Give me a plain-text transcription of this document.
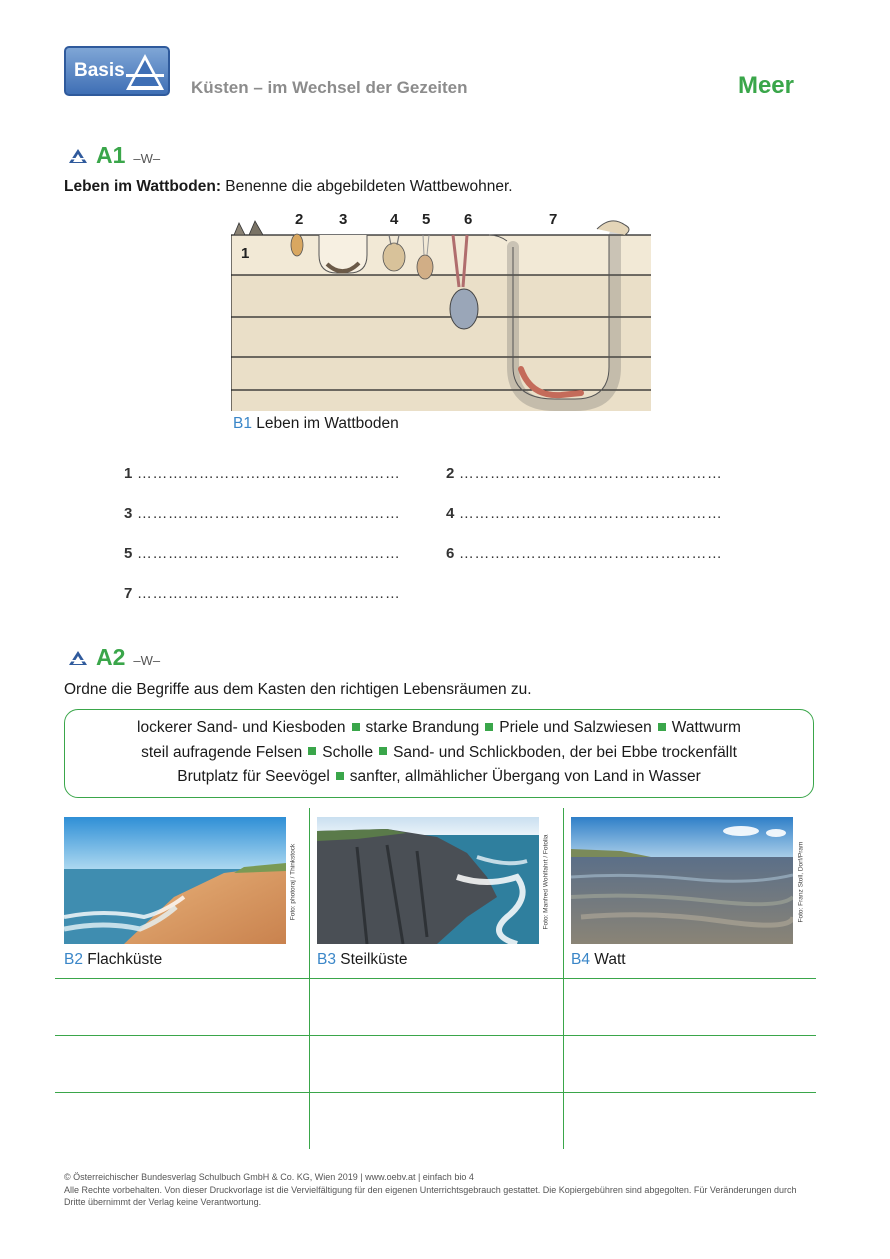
Basis
Küsten – im Wechsel der Gezeiten	Meer
A1 –W–
Leben im Wattboden: Benenne die abgebildeten Wattbewohner.
1
2 3	4 5 6	7
B1 Leben im Wattboden
1 ……………………………………………	2 ……………………………………………
3 ……………………………………………	4 ……………………………………………
5 ……………………………………………	6 ……………………………………………
7 ……………………………………………
A2 –W–
Ordne die Begriffe aus dem Kasten den richtigen Lebensräumen zu.
lockerer Sand- und Kiesboden starke Brandung Priele und Salzwiesen Wattwurm
steil aufragende Felsen Scholle Sand- und Schlickboden, der bei Ebbe trockenfällt
Brutplatz für Seevögel sanfter, allmählicher Übergang von Land in Wasser
Foto: photoraj / Thinkstock	Foto: Manfred Wohlfahrt / Fotolia	Foto: Franz Stoll, Dorf/Pram
B2 Flachküste	B3 Steilküste	B4 Watt
© Österreichischer Bundesverlag Schulbuch GmbH & Co. KG, Wien 2019 | www.oebv.at | einfach bio 4
Alle Rechte vorbehalten. Von dieser Druckvorlage ist die Vervielfältigung für den eigenen Unterrichtsgebrauch gestattet. Die Kopiergebühren sind abgegolten. Für Veränderungen durch
Dritte übernimmt der Verlag keine Verantwortung.
